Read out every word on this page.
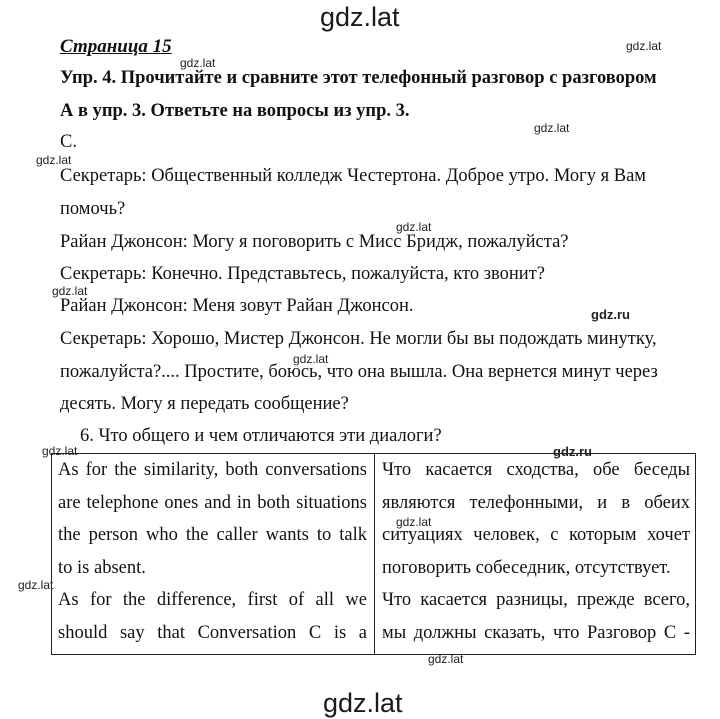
gdz.lat
gdz.lat
gdz.lat
gdz.lat
gdz.lat
gdz.lat
gdz.lat
gdz.lat
gdz.ru
gdz.lat
gdz.lat	gdz.ru
gdz.lat
gdz.lat
gdz.lat
Страница 15
Упр. 4. Прочитайте и сравните этот телефонный разговор с разговором
А в упр. 3. Ответьте на вопросы из упр. 3.
С.
Секретарь: Общественный колледж Честертона. Доброе утро. Могу я Вам
помочь?
Райан Джонсон: Могу я поговорить с Мисс Бридж, пожалуйста?
Секретарь: Конечно. Представьтесь, пожалуйста, кто звонит?
Райан Джонсон: Меня зовут Райан Джонсон.
Секретарь: Хорошо, Мистер Джонсон. Не могли бы вы подождать минутку,
пожалуйста?.... Простите, боюсь, что она вышла. Она вернется минут через
десять. Могу я передать сообщение?
6. Что общего и чем отличаются эти диалоги?
As for the similarity, both conversations
are telephone ones and in both situations
the person who the caller wants to talk
to is absent.
As for the difference, first of all we
should say that Conversation C is a
Что касается сходства, обе беседы
являются телефонными, и в обеих
ситуациях человек, с которым хочет
поговорить собеседник, отсутствует.
Что касается разницы, прежде всего,
мы должны сказать, что Разговор С -
